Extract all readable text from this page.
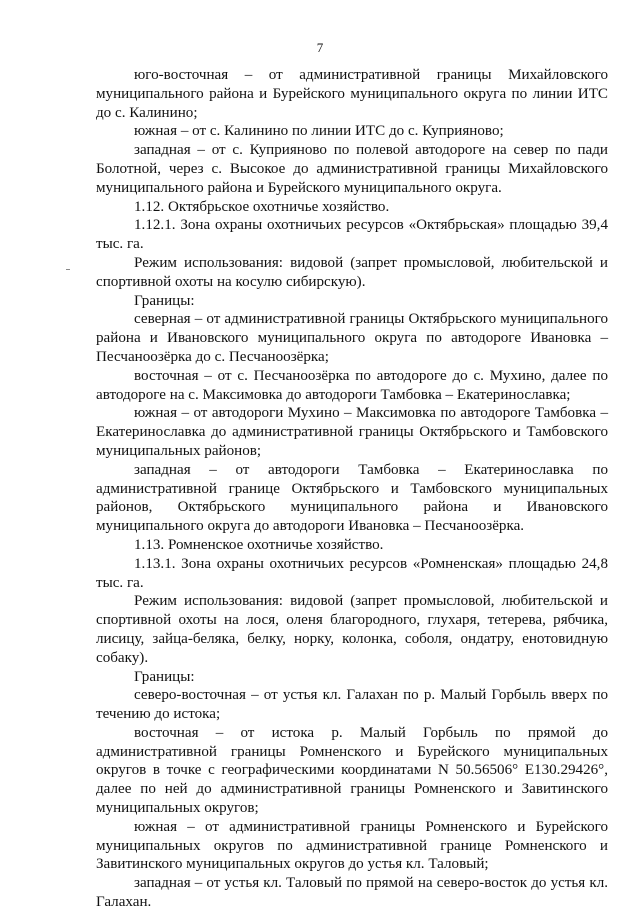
7

юго-восточная – от административной границы Михайловского муниципального района и Бурейского муниципального округа по линии ИТС до с. Калинино;

южная – от с. Калинино по линии ИТС до с. Куприяново;

западная – от с. Куприяново по полевой автодороге на север по пади Болотной, через с. Высокое до административной границы Михайловского муниципального района и Бурейского муниципального округа.

1.12. Октябрьское охотничье хозяйство.

1.12.1. Зона охраны охотничьих ресурсов «Октябрьская» площадью 39,4 тыс. га.

Режим использования: видовой (запрет промысловой, любительской и спортивной охоты на косулю сибирскую).

Границы:

северная – от административной границы Октябрьского муниципального района и Ивановского муниципального округа по автодороге Ивановка – Песчаноозёрка до с. Песчаноозёрка;

восточная – от с. Песчаноозёрка по автодороге до с. Мухино, далее по автодороге на с. Максимовка до автодороги Тамбовка – Екатеринославка;

южная – от автодороги Мухино – Максимовка по автодороге Тамбовка – Екатеринославка до административной границы Октябрьского и Тамбовского муниципальных районов;

западная – от автодороги Тамбовка – Екатеринославка по административной границе Октябрьского и Тамбовского муниципальных районов, Октябрьского муниципального района и Ивановского муниципального округа до автодороги Ивановка – Песчаноозёрка.

1.13. Ромненское охотничье хозяйство.

1.13.1. Зона охраны охотничьих ресурсов «Ромненская» площадью 24,8 тыс. га.

Режим использования: видовой (запрет промысловой, любительской и спортивной охоты на лося, оленя благородного, глухаря, тетерева, рябчика, лисицу, зайца-беляка, белку, норку, колонка, соболя, ондатру, енотовидную собаку).

Границы:

северо-восточная – от устья кл. Галахан по р. Малый Горбыль вверх по течению до истока;

восточная – от истока р. Малый Горбыль по прямой до административной границы Ромненского и Бурейского муниципальных округов в точке с географическими координатами N 50.56506° E130.29426°, далее по ней до административной границы Ромненского и Завитинского муниципальных округов;

южная – от административной границы Ромненского и Бурейского муниципальных округов по административной границе Ромненского и Завитинского муниципальных округов до устья кл. Таловый;

западная – от устья кл. Таловый по прямой на северо-восток до устья кл. Галахан.
